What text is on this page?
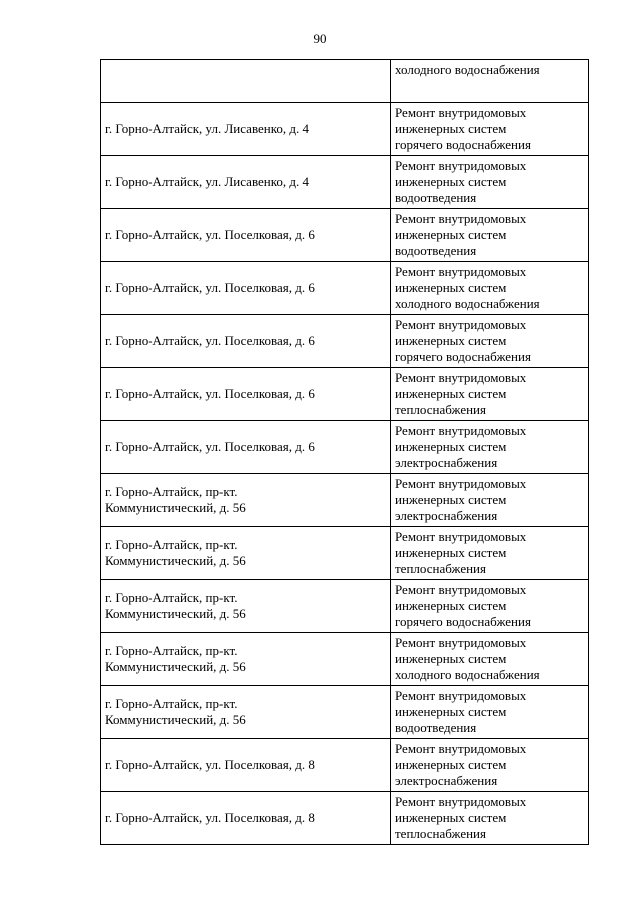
90
	холодного водоснабжения
г. Горно-Алтайск, ул. Лисавенко, д. 4	Ремонт внутридомовых
инженерных систем
горячего водоснабжения
г. Горно-Алтайск, ул. Лисавенко, д. 4	Ремонт внутридомовых
инженерных систем
водоотведения
г. Горно-Алтайск, ул. Поселковая, д. 6	Ремонт внутридомовых
инженерных систем
водоотведения
г. Горно-Алтайск, ул. Поселковая, д. 6	Ремонт внутридомовых
инженерных систем
холодного водоснабжения
г. Горно-Алтайск, ул. Поселковая, д. 6	Ремонт внутридомовых
инженерных систем
горячего водоснабжения
г. Горно-Алтайск, ул. Поселковая, д. 6	Ремонт внутридомовых
инженерных систем
теплоснабжения
г. Горно-Алтайск, ул. Поселковая, д. 6	Ремонт внутридомовых
инженерных систем
электроснабжения
г. Горно-Алтайск, пр-кт.
Коммунистический, д. 56	Ремонт внутридомовых
инженерных систем
электроснабжения
г. Горно-Алтайск, пр-кт.
Коммунистический, д. 56	Ремонт внутридомовых
инженерных систем
теплоснабжения
г. Горно-Алтайск, пр-кт.
Коммунистический, д. 56	Ремонт внутридомовых
инженерных систем
горячего водоснабжения
г. Горно-Алтайск, пр-кт.
Коммунистический, д. 56	Ремонт внутридомовых
инженерных систем
холодного водоснабжения
г. Горно-Алтайск, пр-кт.
Коммунистический, д. 56	Ремонт внутридомовых
инженерных систем
водоотведения
г. Горно-Алтайск, ул. Поселковая, д. 8	Ремонт внутридомовых
инженерных систем
электроснабжения
г. Горно-Алтайск, ул. Поселковая, д. 8	Ремонт внутридомовых
инженерных систем
теплоснабжения
